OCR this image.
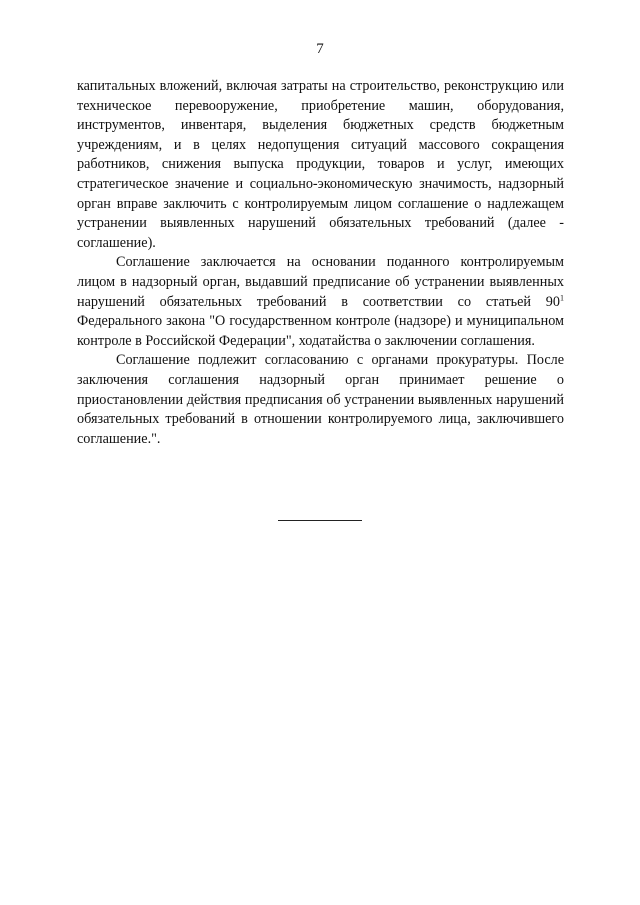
7

капитальных вложений, включая затраты на строительство, реконструкцию или техническое перевооружение, приобретение машин, оборудования, инструментов, инвентаря, выделения бюджетных средств бюджетным учреждениям, и в целях недопущения ситуаций массового сокращения работников, снижения выпуска продукции, товаров и услуг, имеющих стратегическое значение и социально-экономическую значимость, надзорный орган вправе заключить с контролируемым лицом соглашение о надлежащем устранении выявленных нарушений обязательных требований (далее - соглашение).

Соглашение заключается на основании поданного контролируемым лицом в надзорный орган, выдавший предписание об устранении выявленных нарушений обязательных требований в соответствии со статьей $90^1$ Федерального закона "О государственном контроле (надзоре) и муниципальном контроле в Российской Федерации", ходатайства о заключении соглашения.

Соглашение подлежит согласованию с органами прокуратуры. После заключения соглашения надзорный орган принимает решение о приостановлении действия предписания об устранении выявленных нарушений обязательных требований в отношении контролируемого лица, заключившего соглашение.".
